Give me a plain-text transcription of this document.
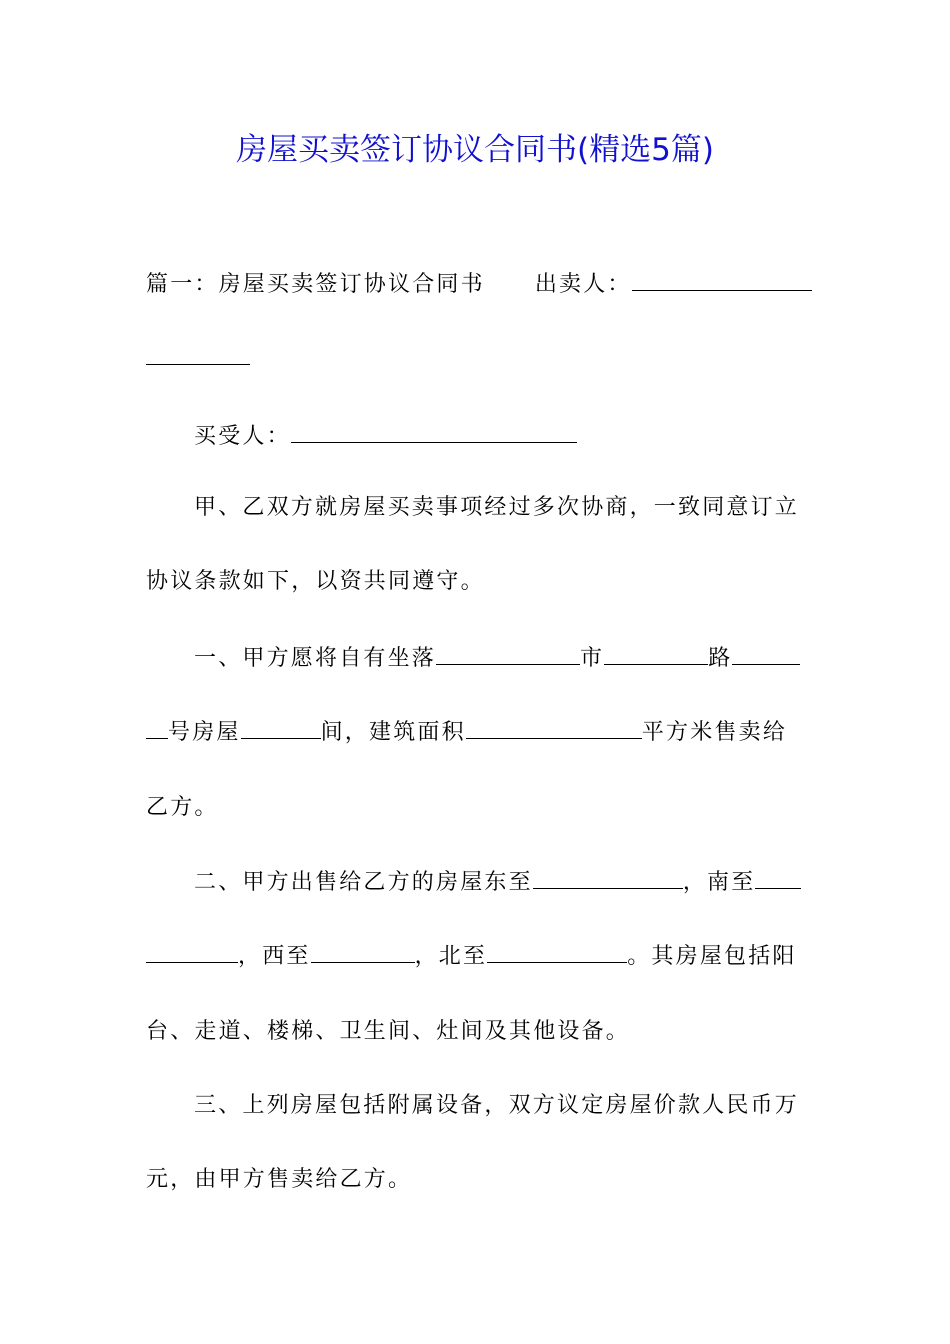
房屋买卖签订协议合同书(精选5篇)
篇一：房屋买卖签订协议合同书 出卖人：
买受人：
甲、乙双方就房屋买卖事项经过多次协商，一致同意订立
协议条款如下，以资共同遵守。
一、甲方愿将自有坐落	市	路
号房屋	间，建筑面积	平方米售卖给
乙方。
二、甲方出售给乙方的房屋东至	，南至
，西至	，北至	。其房屋包括阳
台、走道、楼梯、卫生间、灶间及其他设备。
三、上列房屋包括附属设备，双方议定房屋价款人民币万
元，由甲方售卖给乙方。
